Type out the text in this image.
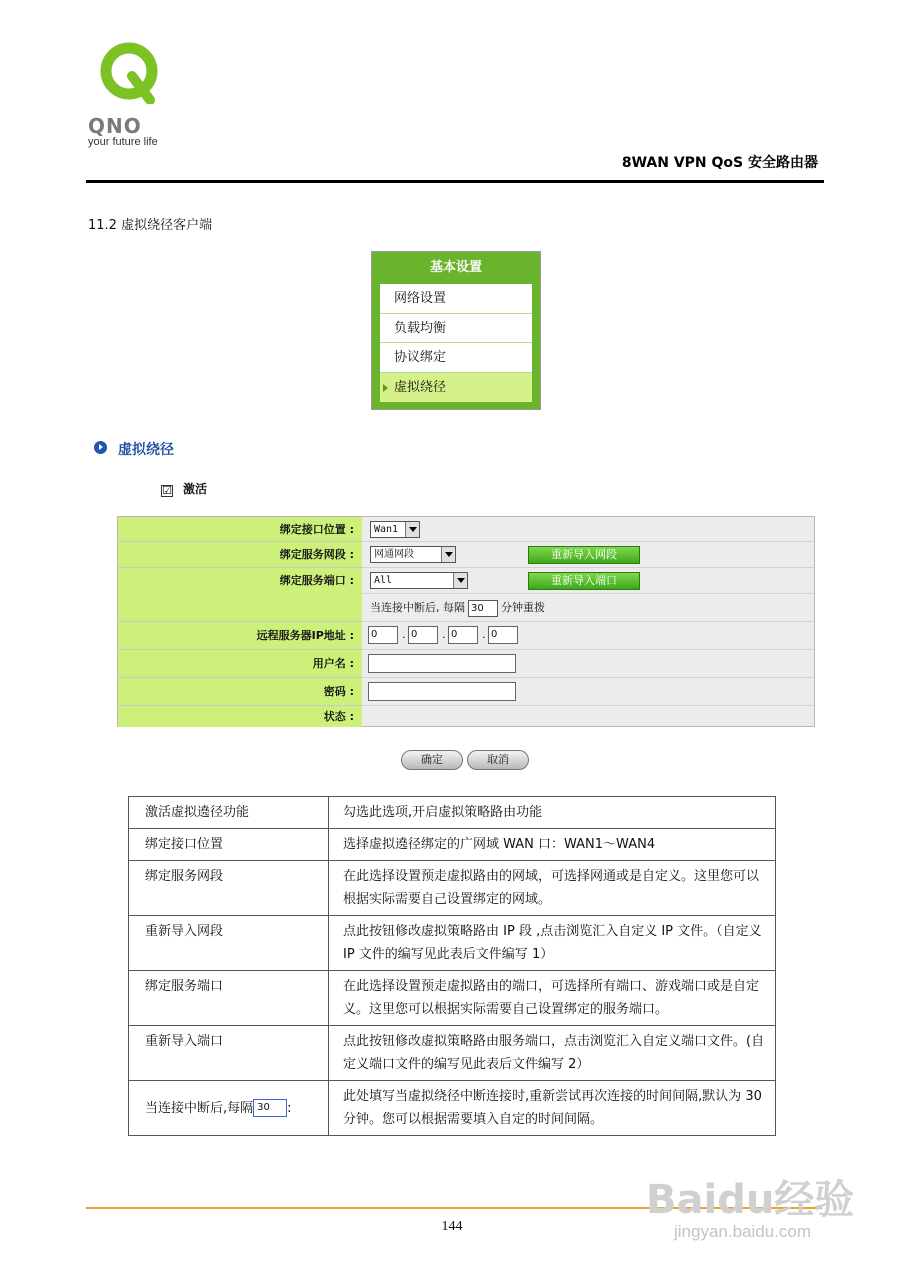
QNO
your future life
8WAN VPN QoS 安全路由器
11.2 虚拟绕径客户端
基本设置
网络设置
负载均衡
协议绑定
虚拟绕径
虚拟绕径
☑ 激活
绑定接口位置 :	Wan1
绑定服务网段 :	网通网段	重新导入网段
绑定服务端口 :	All	重新导入端口
当连接中断后, 每隔 30 分钟重拨
远程服务器IP地址 :	0	. 0	. 0	. 0
用户名 :
密码 :
状态 :
确定	取消
激活虚拟遶径功能	勾选此选项,开启虚拟策略路由功能
绑定接口位置	选择虚拟遶径绑定的广网域 WAN 口：WAN1～WAN4
绑定服务网段	在此选择设置预走虚拟路由的网域，可选择网通或是自定义。这里您可以根据实际需要自己设置绑定的网域。
重新导入网段	点此按钮修改虚拟策略路由 IP 段 ,点击浏览汇入自定义 IP 文件。（自定义 IP 文件的编写见此表后文件编写 1）
绑定服务端口	在此选择设置预走虚拟路由的端口，可选择所有端口、游戏端口或是自定义。这里您可以根据实际需要自己设置绑定的服务端口。
重新导入端口	点此按钮修改虚拟策略路由服务端口，点击浏览汇入自定义端口文件。(自定义端口文件的编写见此表后文件编写 2）
当连接中断后,每隔 30 :	此处填写当虚拟绕径中断连接时,重新尝试再次连接的时间间隔,默认为 30 分钟。您可以根据需要填入自定的时间间隔。
144
Baidu经验
jingyan.baidu.com
